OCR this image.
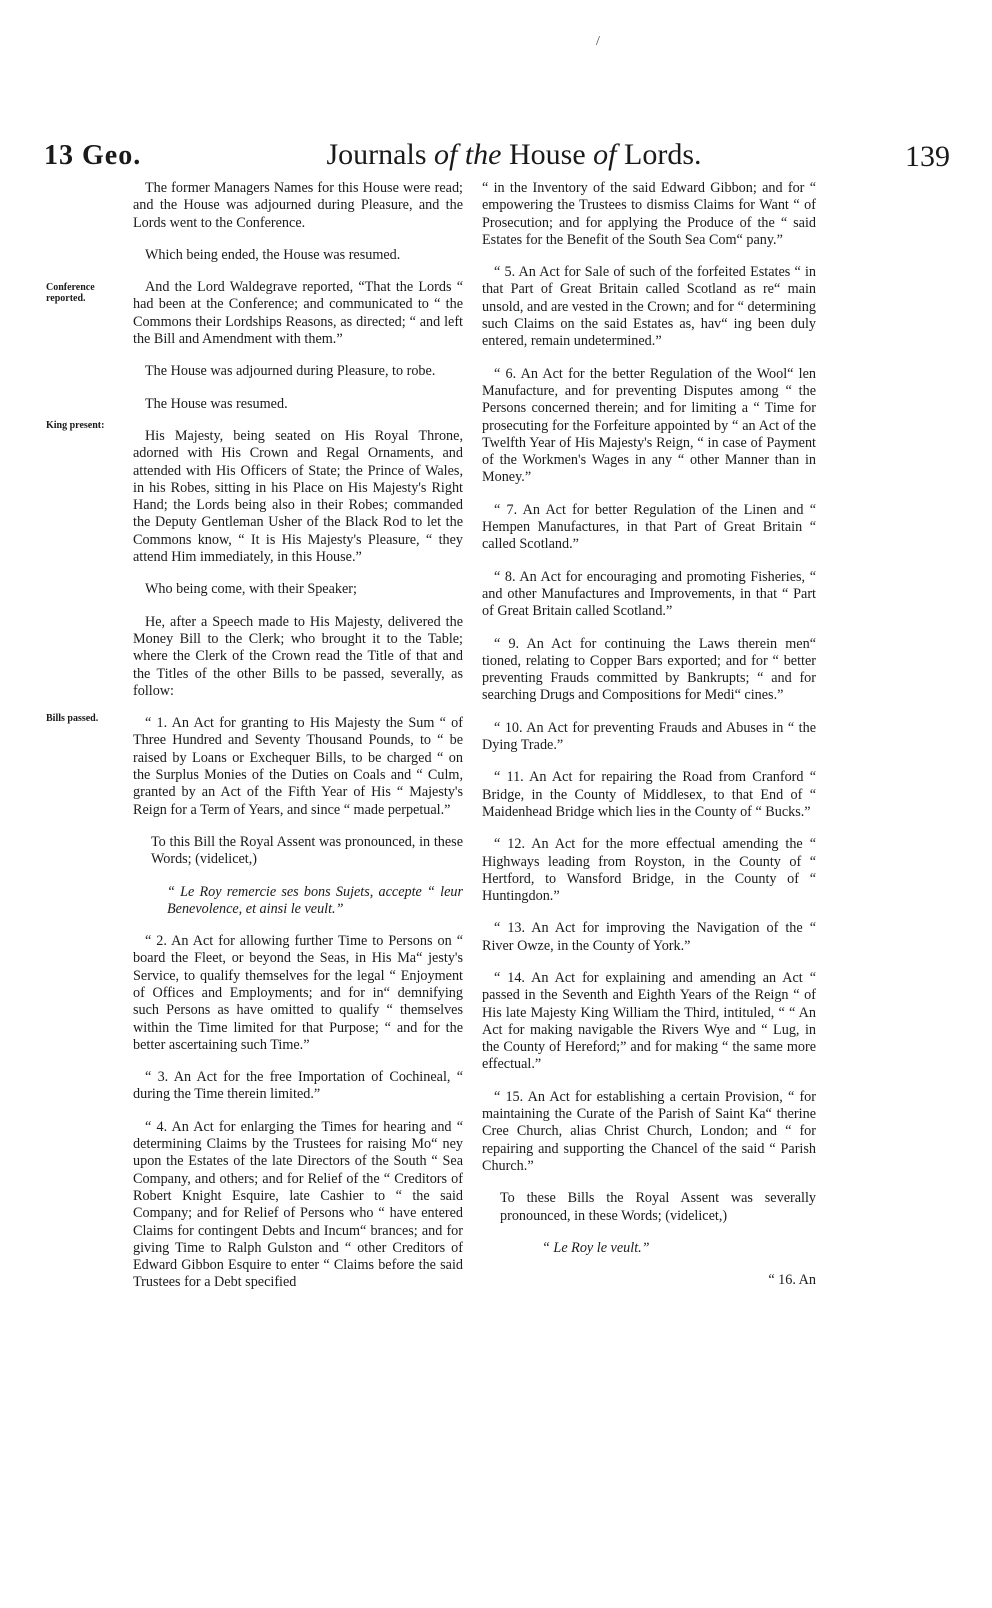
/
13 Geo.	Journals of the House of Lords.	139
Conference reported.
King present:
Bills passed.

The former Managers Names for this House were read; and the House was adjourned during Pleasure, and the Lords went to the Conference.

Which being ended, the House was resumed.

And the Lord Waldegrave reported, “That the Lords “ had been at the Conference; and communicated to “ the Commons their Lordships Reasons, as directed; “ and left the Bill and Amendment with them.”

The House was adjourned during Pleasure, to robe.

The House was resumed.

His Majesty, being seated on His Royal Throne, adorned with His Crown and Regal Ornaments, and attended with His Officers of State; the Prince of Wales, in his Robes, sitting in his Place on His Majesty's Right Hand; the Lords being also in their Robes; commanded the Deputy Gentleman Usher of the Black Rod to let the Commons know, “ It is His Majesty's Pleasure, “ they attend Him immediately, in this House.”

Who being come, with their Speaker;

He, after a Speech made to His Majesty, delivered the Money Bill to the Clerk; who brought it to the Table; where the Clerk of the Crown read the Title of that and the Titles of the other Bills to be passed, severally, as follow:

“ 1. An Act for granting to His Majesty the Sum “ of Three Hundred and Seventy Thousand Pounds, to “ be raised by Loans or Exchequer Bills, to be charged “ on the Surplus Monies of the Duties on Coals and “ Culm, granted by an Act of the Fifth Year of His “ Majesty's Reign for a Term of Years, and since “ made perpetual.”

To this Bill the Royal Assent was pronounced, in these Words; (videlicet,)

“ Le Roy remercie ses bons Sujets, accepte “ leur Benevolence, et ainsi le veult.”

“ 2. An Act for allowing further Time to Persons on “ board the Fleet, or beyond the Seas, in His Ma“ jesty's Service, to qualify themselves for the legal “ Enjoyment of Offices and Employments; and for in“ demnifying such Persons as have omitted to qualify “ themselves within the Time limited for that Purpose; “ and for the better ascertaining such Time.”

“ 3. An Act for the free Importation of Cochineal, “ during the Time therein limited.”

“ 4. An Act for enlarging the Times for hearing and “ determining Claims by the Trustees for raising Mo“ ney upon the Estates of the late Directors of the South “ Sea Company, and others; and for Relief of the “ Creditors of Robert Knight Esquire, late Cashier to “ the said Company; and for Relief of Persons who “ have entered Claims for contingent Debts and Incum“ brances; and for giving Time to Ralph Gulston and “ other Creditors of Edward Gibbon Esquire to enter “ Claims before the said Trustees for a Debt specified

“ in the Inventory of the said Edward Gibbon; and for “ empowering the Trustees to dismiss Claims for Want “ of Prosecution; and for applying the Produce of the “ said Estates for the Benefit of the South Sea Com“ pany.”

“ 5. An Act for Sale of such of the forfeited Estates “ in that Part of Great Britain called Scotland as re“ main unsold, and are vested in the Crown; and for “ determining such Claims on the said Estates as, hav“ ing been duly entered, remain undetermined.”

“ 6. An Act for the better Regulation of the Wool“ len Manufacture, and for preventing Disputes among “ the Persons concerned therein; and for limiting a “ Time for prosecuting for the Forfeiture appointed by “ an Act of the Twelfth Year of His Majesty's Reign, “ in case of Payment of the Workmen's Wages in any “ other Manner than in Money.”

“ 7. An Act for better Regulation of the Linen and “ Hempen Manufactures, in that Part of Great Britain “ called Scotland.”

“ 8. An Act for encouraging and promoting Fisheries, “ and other Manufactures and Improvements, in that “ Part of Great Britain called Scotland.”

“ 9. An Act for continuing the Laws therein men“ tioned, relating to Copper Bars exported; and for “ better preventing Frauds committed by Bankrupts; “ and for searching Drugs and Compositions for Medi“ cines.”

“ 10. An Act for preventing Frauds and Abuses in “ the Dying Trade.”

“ 11. An Act for repairing the Road from Cranford “ Bridge, in the County of Middlesex, to that End of “ Maidenhead Bridge which lies in the County of “ Bucks.”

“ 12. An Act for the more effectual amending the “ Highways leading from Royston, in the County of “ Hertford, to Wansford Bridge, in the County of “ Huntingdon.”

“ 13. An Act for improving the Navigation of the “ River Owze, in the County of York.”

“ 14. An Act for explaining and amending an Act “ passed in the Seventh and Eighth Years of the Reign “ of His late Majesty King William the Third, intituled, “ “ An Act for making navigable the Rivers Wye and “ Lug, in the County of Hereford;” and for making “ the same more effectual.”

“ 15. An Act for establishing a certain Provision, “ for maintaining the Curate of the Parish of Saint Ka“ therine Cree Church, alias Christ Church, London; and “ for repairing and supporting the Chancel of the said “ Parish Church.”

To these Bills the Royal Assent was severally pronounced, in these Words; (videlicet,)

“ Le Roy le veult.”

“ 16. An
